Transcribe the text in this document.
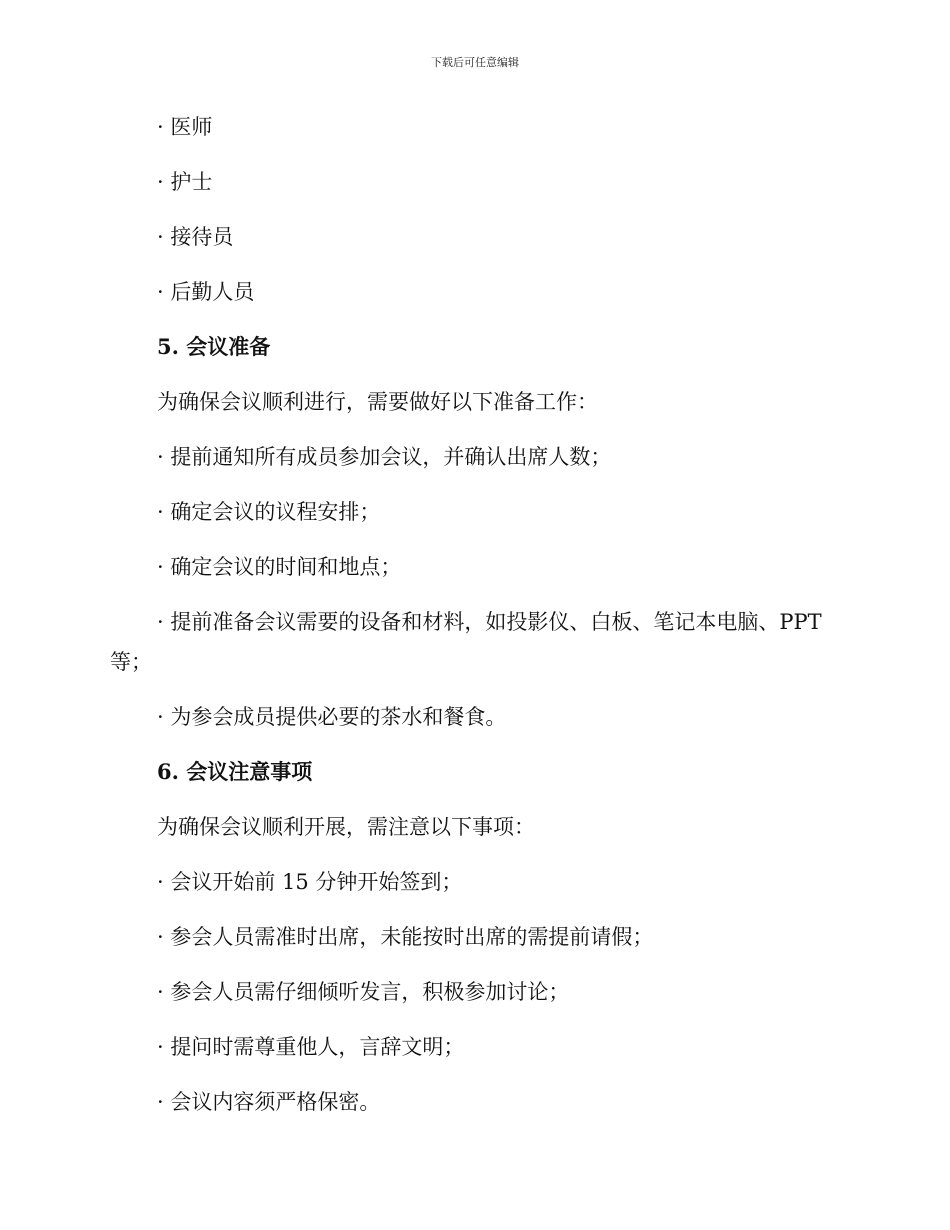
下载后可任意编辑

· 医师

· 护士

· 接待员

· 后勤人员

5. 会议准备

为确保会议顺利进行，需要做好以下准备工作：

· 提前通知所有成员参加会议，并确认出席人数；

· 确定会议的议程安排；

· 确定会议的时间和地点；

· 提前准备会议需要的设备和材料，如投影仪、白板、笔记本电脑、PPT
等；

· 为参会成员提供必要的茶水和餐食。

6. 会议注意事项

为确保会议顺利开展，需注意以下事项：

· 会议开始前 15 分钟开始签到；

· 参会人员需准时出席，未能按时出席的需提前请假；

· 参会人员需仔细倾听发言，积极参加讨论；

· 提问时需尊重他人，言辞文明；

· 会议内容须严格保密。
